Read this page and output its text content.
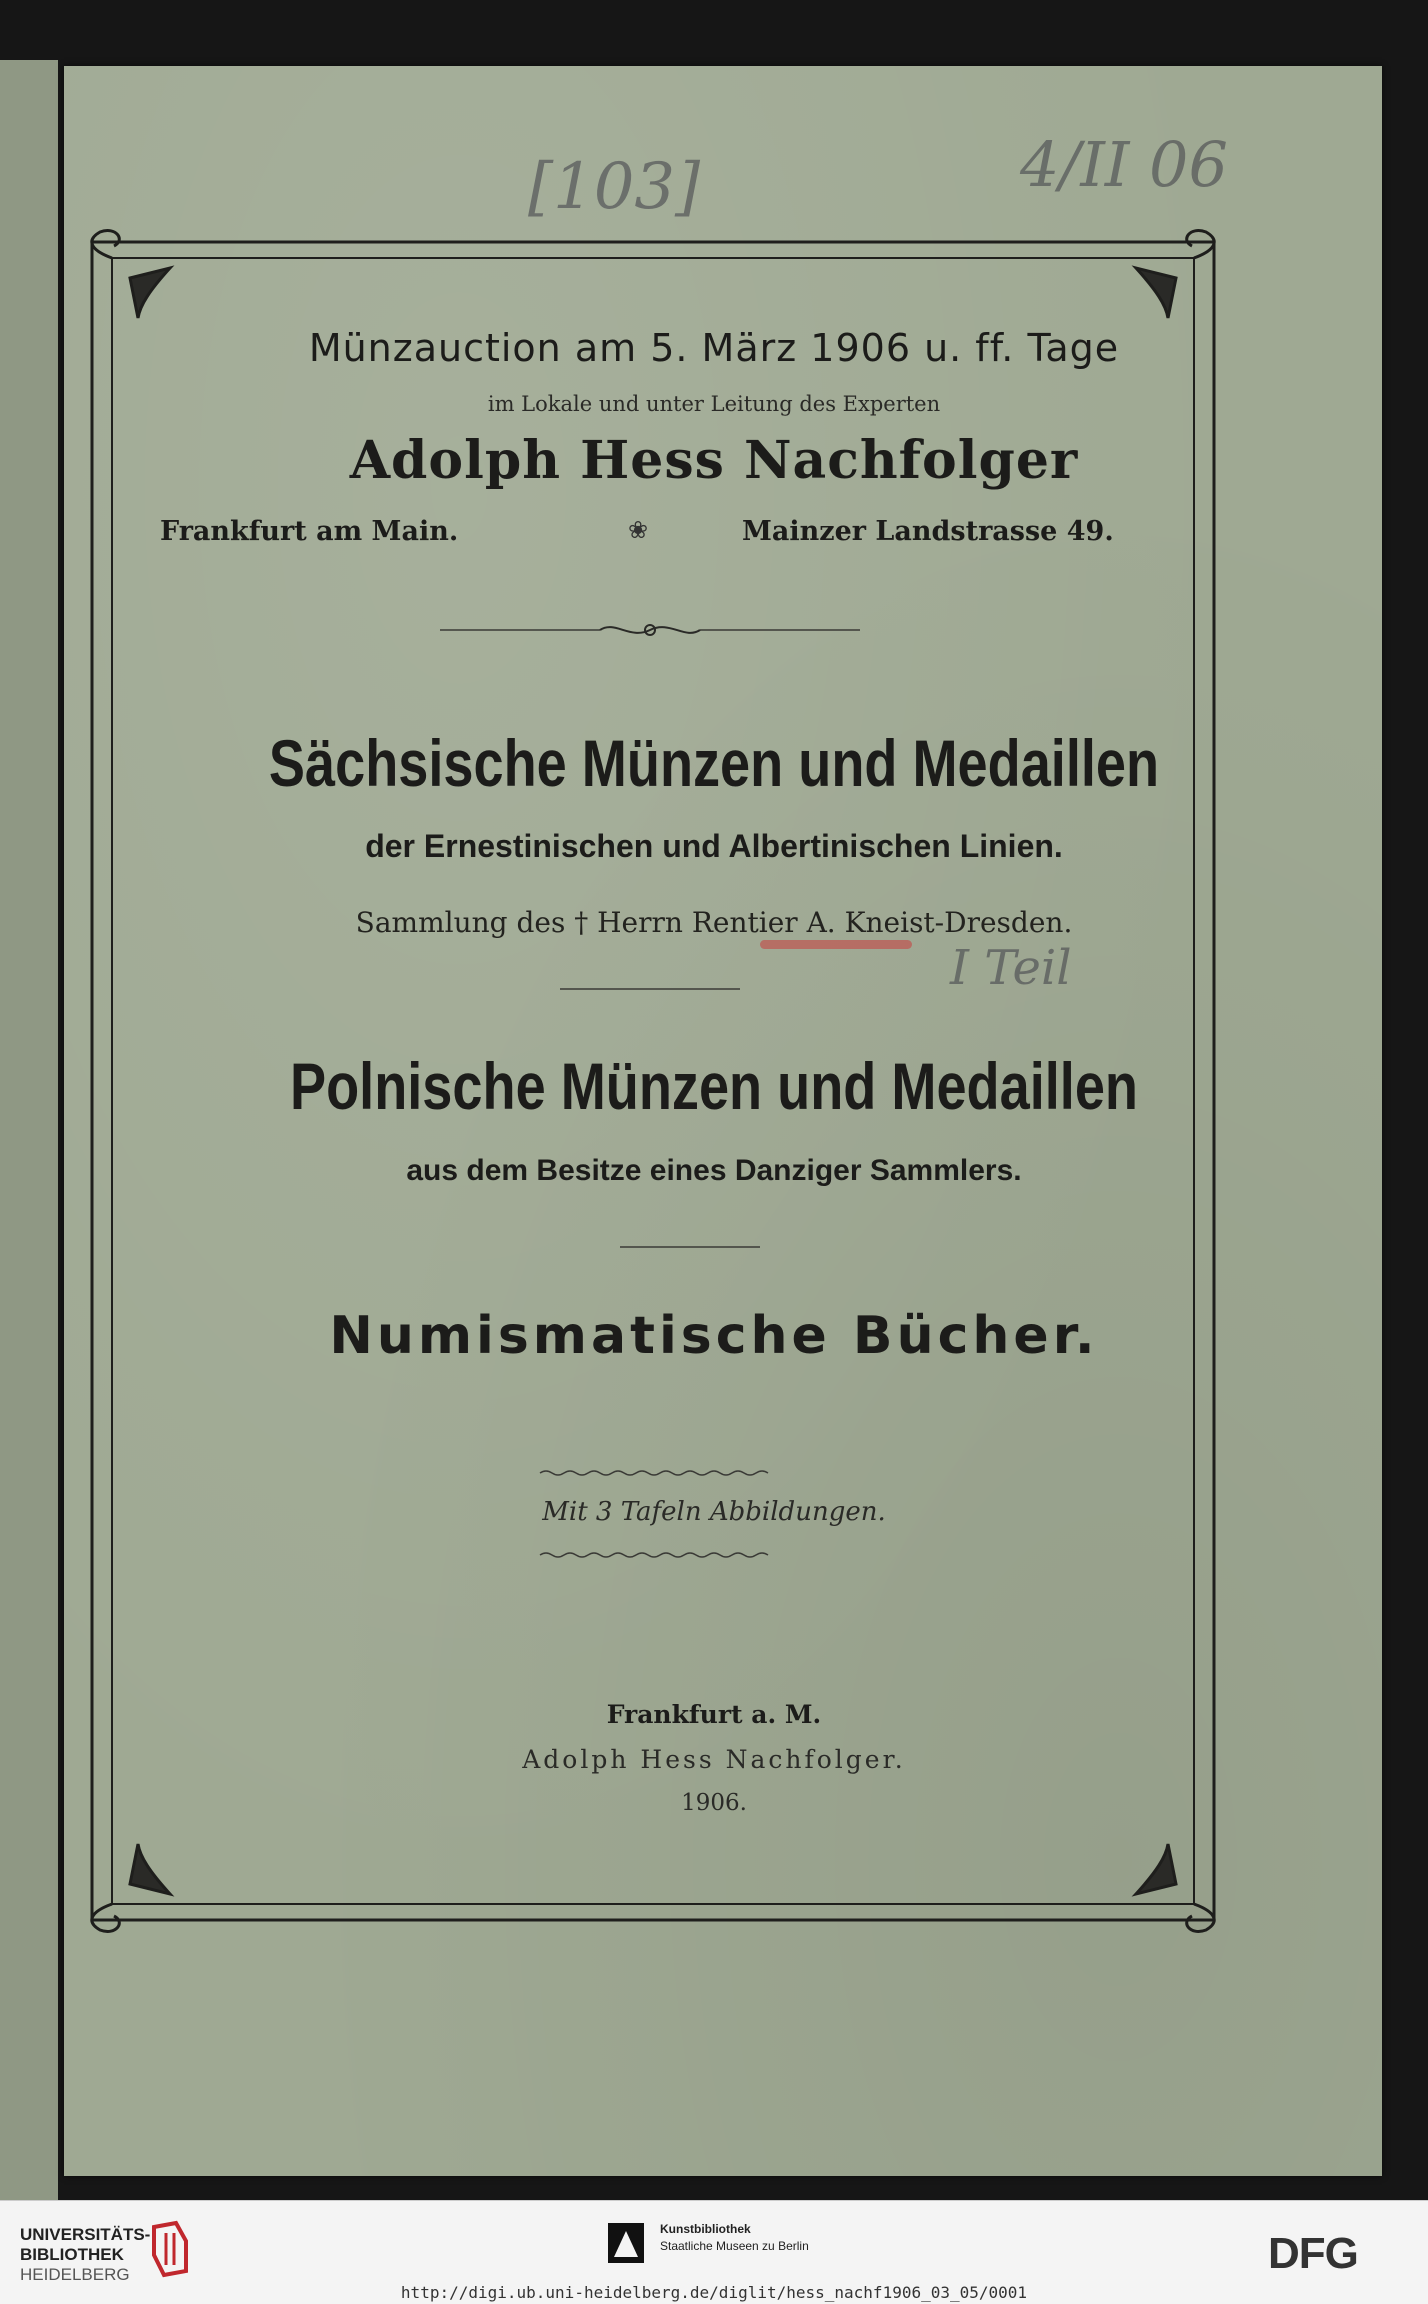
[103]	4/II 06
I Teil
Münzauction am 5. März 1906 u. ff. Tage
im Lokale und unter Leitung des Experten
Adolph Hess Nachfolger
Frankfurt am Main.	❀	Mainzer Landstrasse 49.
Sächsische Münzen und Medaillen
der Ernestinischen und Albertinischen Linien.
Sammlung des † Herrn Rentier A. Kneist-Dresden.
Polnische Münzen und Medaillen
aus dem Besitze eines Danziger Sammlers.
Numismatische Bücher.
Mit 3 Tafeln Abbildungen.
Frankfurt a. M.
Adolph Hess Nachfolger.
1906.
UNIVERSITÄTS-
BIBLIOTHEK
HEIDELBERG
Kunstbibliothek
Staatliche Museen zu Berlin	DFG
http://digi.ub.uni-heidelberg.de/diglit/hess_nachf1906_03_05/0001
